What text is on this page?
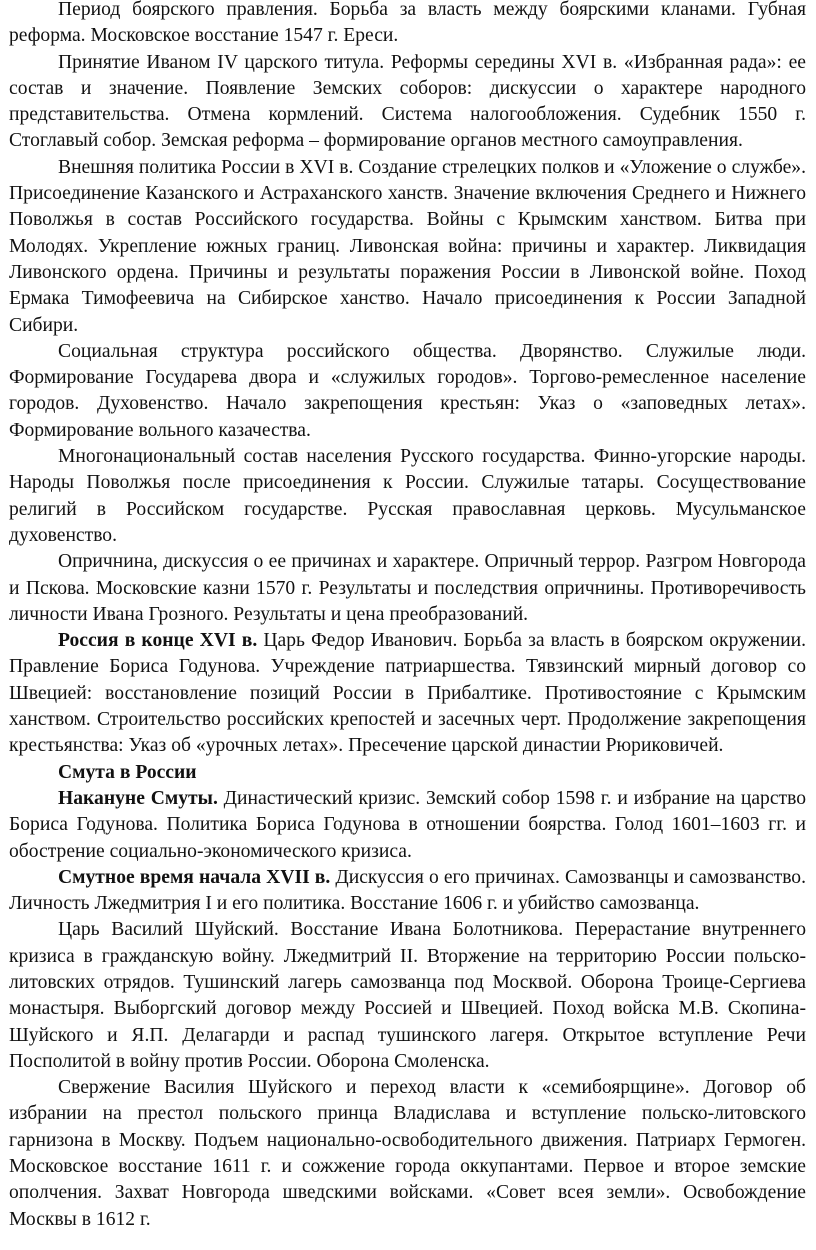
Период боярского правления. Борьба за власть между боярскими кланами. Губная реформа. Московское восстание 1547 г. Ереси.

Принятие Иваном IV царского титула. Реформы середины XVI в. «Избранная рада»: ее состав и значение. Появление Земских соборов: дискуссии о характере народного представительства. Отмена кормлений. Система налогообложения. Судебник 1550 г. Стоглавый собор. Земская реформа – формирование органов местного самоуправления.

Внешняя политика России в XVI в. Создание стрелецких полков и «Уложение о службе». Присоединение Казанского и Астраханского ханств. Значение включения Среднего и Нижнего Поволжья в состав Российского государства. Войны с Крымским ханством. Битва при Молодях. Укрепление южных границ. Ливонская война: причины и характер. Ликвидация Ливонского ордена. Причины и результаты поражения России в Ливонской войне. Поход Ермака Тимофеевича на Сибирское ханство. Начало присоединения к России Западной Сибири.

Социальная структура российского общества. Дворянство. Служилые люди. Формирование Государева двора и «служилых городов». Торгово-ремесленное население городов. Духовенство. Начало закрепощения крестьян: Указ о «заповедных летах». Формирование вольного казачества.

Многонациональный состав населения Русского государства. Финно-угорские народы. Народы Поволжья после присоединения к России. Служилые татары. Сосуществование религий в Российском государстве. Русская православная церковь. Мусульманское духовенство.

Опричнина, дискуссия о ее причинах и характере. Опричный террор. Разгром Новгорода и Пскова. Московские казни 1570 г. Результаты и последствия опричнины. Противоречивость личности Ивана Грозного. Результаты и цена преобразований.

Россия в конце XVI в. Царь Федор Иванович. Борьба за власть в боярском окружении. Правление Бориса Годунова. Учреждение патриаршества. Тявзинский мирный договор со Швецией: восстановление позиций России в Прибалтике. Противостояние с Крымским ханством. Строительство российских крепостей и засечных черт. Продолжение закрепощения крестьянства: Указ об «урочных летах». Пресечение царской династии Рюриковичей.

Смута в России

Накануне Смуты. Династический кризис. Земский собор 1598 г. и избрание на царство Бориса Годунова. Политика Бориса Годунова в отношении боярства. Голод 1601–1603 гг. и обострение социально-экономического кризиса.

Смутное время начала XVII в. Дискуссия о его причинах. Самозванцы и самозванство. Личность Лжедмитрия I и его политика. Восстание 1606 г. и убийство самозванца.

Царь Василий Шуйский. Восстание Ивана Болотникова. Перерастание внутреннего кризиса в гражданскую войну. Лжедмитрий II. Вторжение на территорию России польско-литовских отрядов. Тушинский лагерь самозванца под Москвой. Оборона Троице-Сергиева монастыря. Выборгский договор между Россией и Швецией. Поход войска М.В. Скопина-Шуйского и Я.П. Делагарди и распад тушинского лагеря. Открытое вступление Речи Посполитой в войну против России. Оборона Смоленска.

Свержение Василия Шуйского и переход власти к «семибоярщине». Договор об избрании на престол польского принца Владислава и вступление польско-литовского гарнизона в Москву. Подъем национально-освободительного движения. Патриарх Гермоген. Московское восстание 1611 г. и сожжение города оккупантами. Первое и второе земские ополчения. Захват Новгорода шведскими войсками. «Совет всея земли». Освобождение Москвы в 1612 г.
